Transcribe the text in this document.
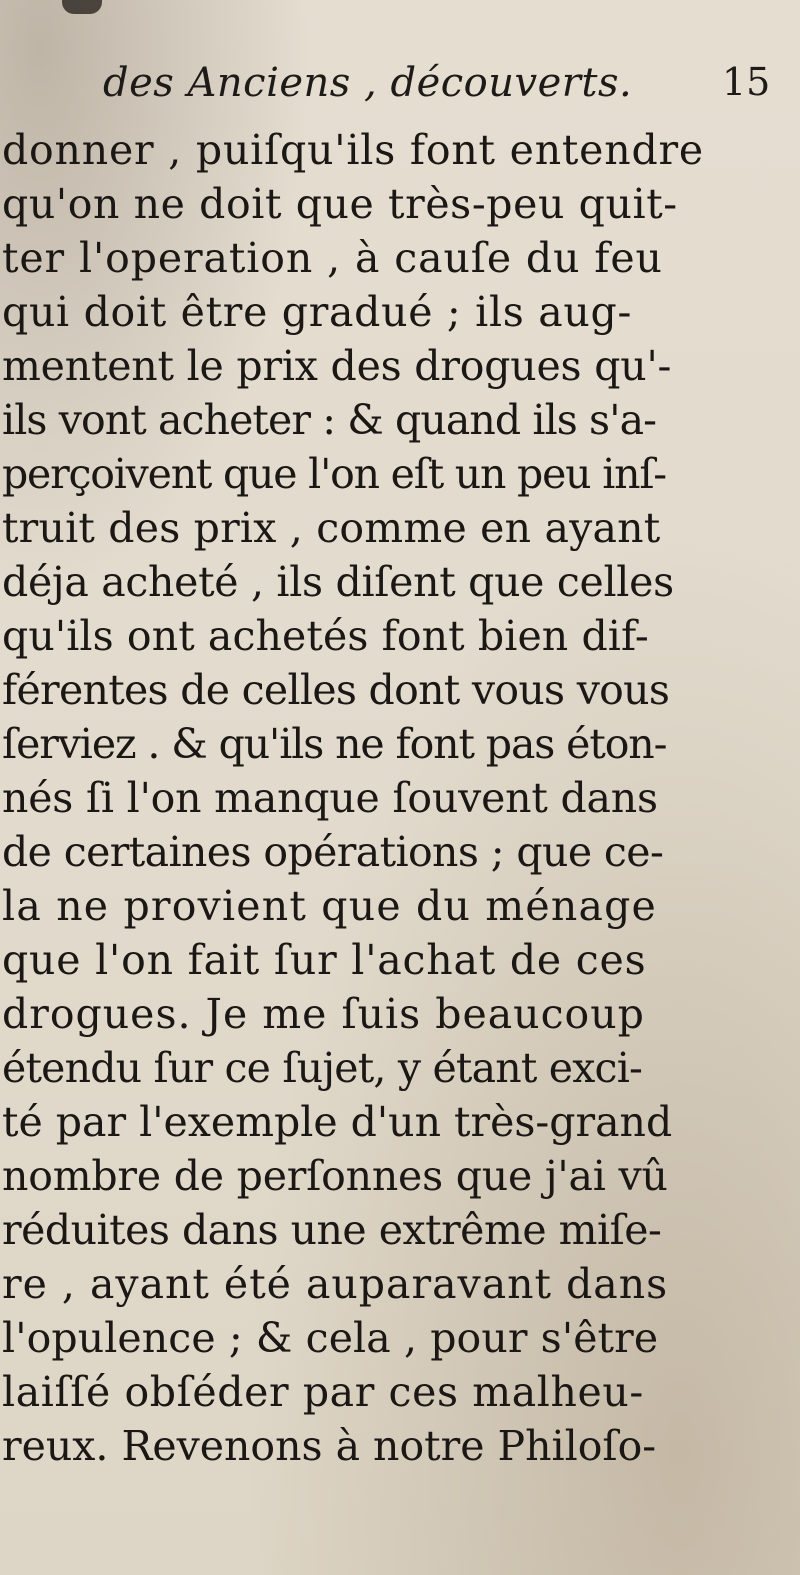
des Anciens , découverts. 15
donner , puiſqu'ils font entendre
qu'on ne doit que très-peu quit-
ter l'operation , à cauſe du feu
qui doit être gradué ; ils aug-
mentent le prix des drogues qu'-
ils vont acheter : & quand ils s'a-
perçoivent que l'on eſt un peu inſ-
truit des prix , comme en ayant
déja acheté , ils diſent que celles
qu'ils ont achetés font bien dif-
férentes de celles dont vous vous
ſerviez . & qu'ils ne font pas éton-
nés ſi l'on manque ſouvent dans
de certaines opérations ; que ce-
la ne provient que du ménage
que l'on fait ſur l'achat de ces
drogues. Je me ſuis beaucoup
étendu ſur ce ſujet, y étant exci-
té par l'exemple d'un très-grand
nombre de perſonnes que j'ai vû
réduites dans une extrême miſe-
re , ayant été auparavant dans
l'opulence ; & cela , pour s'être
laiſſé obſéder par ces malheu-
reux. Revenons à notre Philoſo-
